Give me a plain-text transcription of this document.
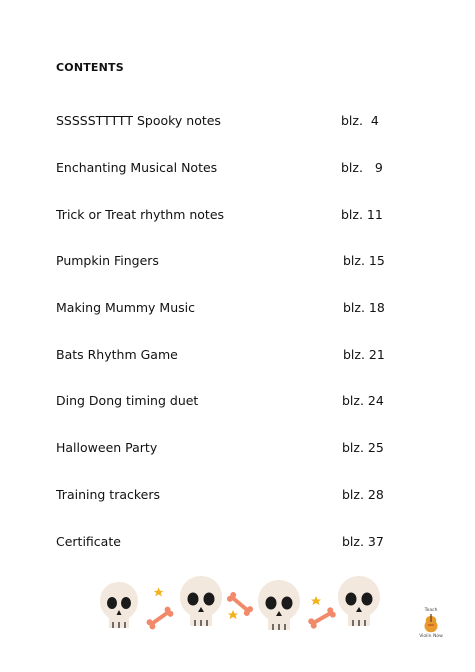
contents
SSSSSTTTTT Spooky notes	blz.  4
Enchanting Musical Notes	blz.   9
Trick or Treat rhythm notes	blz. 11
Pumpkin Fingers	blz. 15
Making Mummy Music	blz. 18
Bats Rhythm Game	blz. 21
Ding Dong timing duet	blz. 24
Halloween Party	blz. 25
Training trackers	blz. 28
Certificate	blz. 37
Teach
Violin Now
